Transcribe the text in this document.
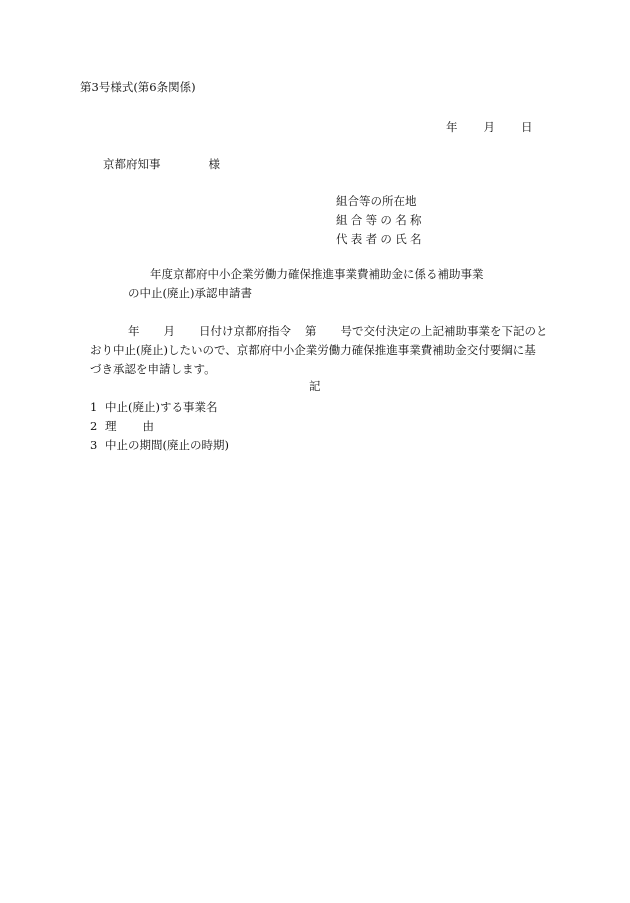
第3号様式(第6条関係)
年 月 日
京都府知事	様
組合等の所在地
組合等の名称
代表者の氏名
年度京都府中小企業労働力確保推進事業費補助金に係る補助事業
の中止(廃止)承認申請書
年 月 日付け京都府指令 第 号で交付決定の上記補助事業を下記のと
おり中止(廃止)したいので、京都府中小企業労働力確保推進事業費補助金交付要綱に基
づき承認を申請します。
記
1 中止(廃止)する事業名
2 理 由
3 中止の期間(廃止の時期)
